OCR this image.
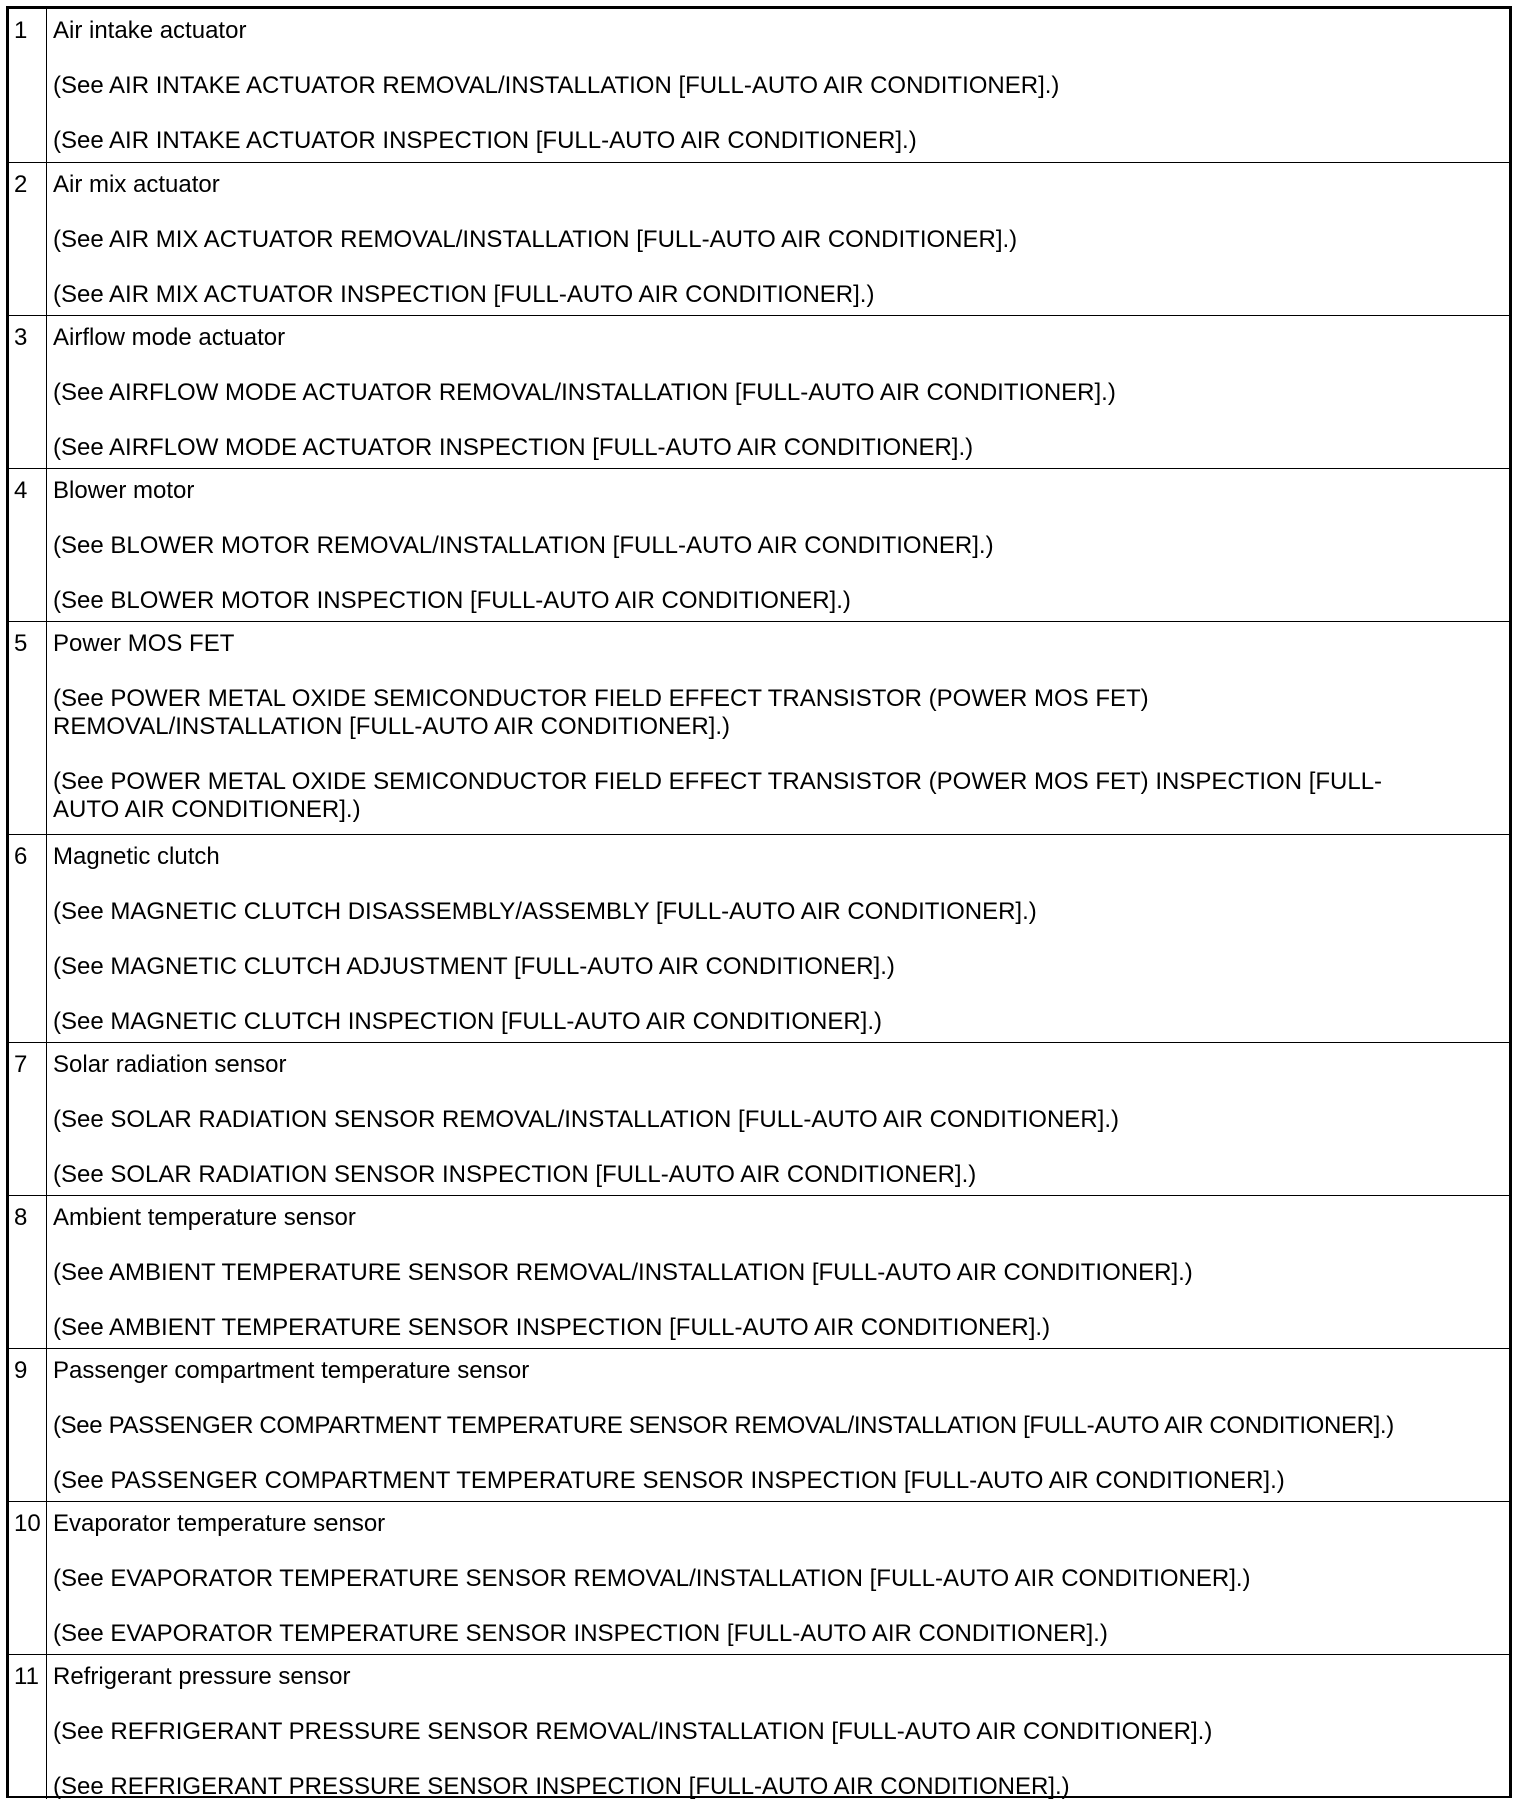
1	Air intake actuator
(See AIR INTAKE ACTUATOR REMOVAL/INSTALLATION [FULL-AUTO AIR CONDITIONER].)
(See AIR INTAKE ACTUATOR INSPECTION [FULL-AUTO AIR CONDITIONER].)
2	Air mix actuator
(See AIR MIX ACTUATOR REMOVAL/INSTALLATION [FULL-AUTO AIR CONDITIONER].)
(See AIR MIX ACTUATOR INSPECTION [FULL-AUTO AIR CONDITIONER].)
3	Airflow mode actuator
(See AIRFLOW MODE ACTUATOR REMOVAL/INSTALLATION [FULL-AUTO AIR CONDITIONER].)
(See AIRFLOW MODE ACTUATOR INSPECTION [FULL-AUTO AIR CONDITIONER].)
4	Blower motor
(See BLOWER MOTOR REMOVAL/INSTALLATION [FULL-AUTO AIR CONDITIONER].)
(See BLOWER MOTOR INSPECTION [FULL-AUTO AIR CONDITIONER].)
5	Power MOS FET
(See POWER METAL OXIDE SEMICONDUCTOR FIELD EFFECT TRANSISTOR (POWER MOS FET) REMOVAL/INSTALLATION [FULL-AUTO AIR CONDITIONER].)
(See POWER METAL OXIDE SEMICONDUCTOR FIELD EFFECT TRANSISTOR (POWER MOS FET) INSPECTION [FULL-AUTO AIR CONDITIONER].)
6	Magnetic clutch
(See MAGNETIC CLUTCH DISASSEMBLY/ASSEMBLY [FULL-AUTO AIR CONDITIONER].)
(See MAGNETIC CLUTCH ADJUSTMENT [FULL-AUTO AIR CONDITIONER].)
(See MAGNETIC CLUTCH INSPECTION [FULL-AUTO AIR CONDITIONER].)
7	Solar radiation sensor
(See SOLAR RADIATION SENSOR REMOVAL/INSTALLATION [FULL-AUTO AIR CONDITIONER].)
(See SOLAR RADIATION SENSOR INSPECTION [FULL-AUTO AIR CONDITIONER].)
8	Ambient temperature sensor
(See AMBIENT TEMPERATURE SENSOR REMOVAL/INSTALLATION [FULL-AUTO AIR CONDITIONER].)
(See AMBIENT TEMPERATURE SENSOR INSPECTION [FULL-AUTO AIR CONDITIONER].)
9	Passenger compartment temperature sensor
(See PASSENGER COMPARTMENT TEMPERATURE SENSOR REMOVAL/INSTALLATION [FULL-AUTO AIR CONDITIONER].)
(See PASSENGER COMPARTMENT TEMPERATURE SENSOR INSPECTION [FULL-AUTO AIR CONDITIONER].)
10 Evaporator temperature sensor
(See EVAPORATOR TEMPERATURE SENSOR REMOVAL/INSTALLATION [FULL-AUTO AIR CONDITIONER].)
(See EVAPORATOR TEMPERATURE SENSOR INSPECTION [FULL-AUTO AIR CONDITIONER].)
11 Refrigerant pressure sensor
(See REFRIGERANT PRESSURE SENSOR REMOVAL/INSTALLATION [FULL-AUTO AIR CONDITIONER].)
(See REFRIGERANT PRESSURE SENSOR INSPECTION [FULL-AUTO AIR CONDITIONER].)
